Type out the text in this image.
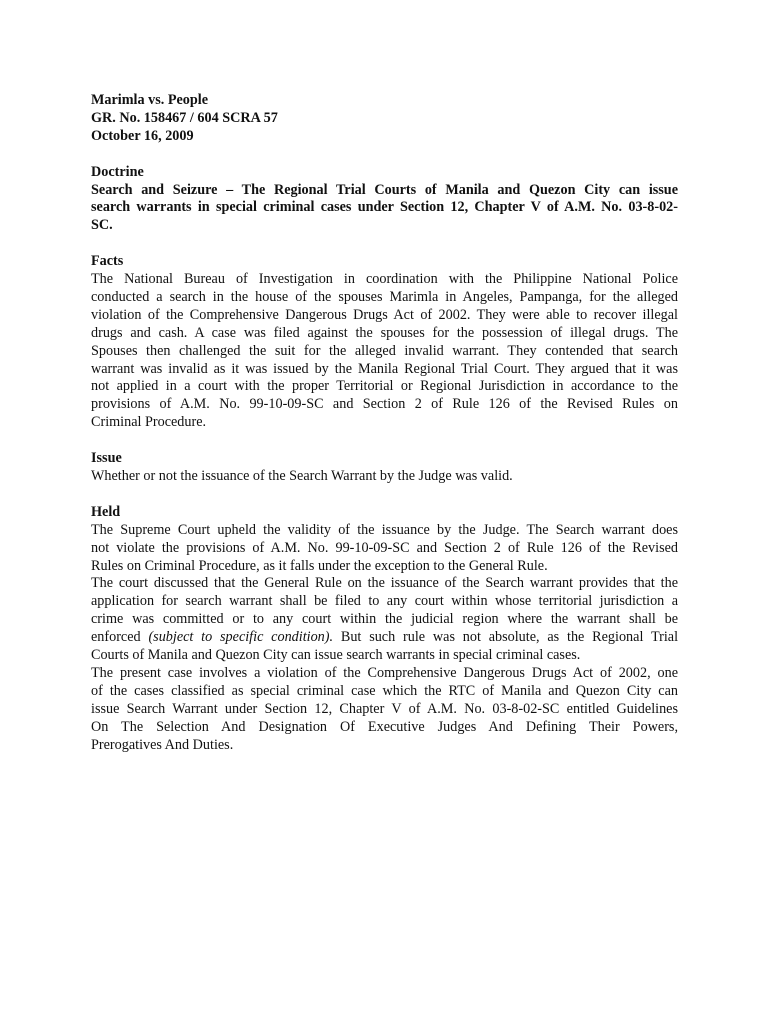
Marimla vs. People
GR. No. 158467 / 604 SCRA 57
October 16, 2009
Doctrine
Search and Seizure – The Regional Trial Courts of Manila and Quezon City can issue
search warrants in special criminal cases under Section 12, Chapter V of A.M. No. 03-8-02-
SC.
Facts
The National Bureau of Investigation in coordination with the Philippine National Police
conducted a search in the house of the spouses Marimla in Angeles, Pampanga, for the alleged
violation of the Comprehensive Dangerous Drugs Act of 2002. They were able to recover illegal
drugs and cash. A case was filed against the spouses for the possession of illegal drugs. The
Spouses then challenged the suit for the alleged invalid warrant. They contended that search
warrant was invalid as it was issued by the Manila Regional Trial Court. They argued that it was
not applied in a court with the proper Territorial or Regional Jurisdiction in accordance to the
provisions of A.M. No. 99-10-09-SC and Section 2 of Rule 126 of the Revised Rules on
Criminal Procedure.
Issue
Whether or not the issuance of the Search Warrant by the Judge was valid.
Held
The Supreme Court upheld the validity of the issuance by the Judge. The Search warrant does
not violate the provisions of A.M. No. 99-10-09-SC and Section 2 of Rule 126 of the Revised
Rules on Criminal Procedure, as it falls under the exception to the General Rule.
The court discussed that the General Rule on the issuance of the Search warrant provides that the
application for search warrant shall be filed to any court within whose territorial jurisdiction a
crime was committed or to any court within the judicial region where the warrant shall be
enforced (subject to specific condition). But such rule was not absolute, as the Regional Trial
Courts of Manila and Quezon City can issue search warrants in special criminal cases.
The present case involves a violation of the Comprehensive Dangerous Drugs Act of 2002, one
of the cases classified as special criminal case which the RTC of Manila and Quezon City can
issue Search Warrant under Section 12, Chapter V of A.M. No. 03-8-02-SC entitled Guidelines
On The Selection And Designation Of Executive Judges And Defining Their Powers,
Prerogatives And Duties.
